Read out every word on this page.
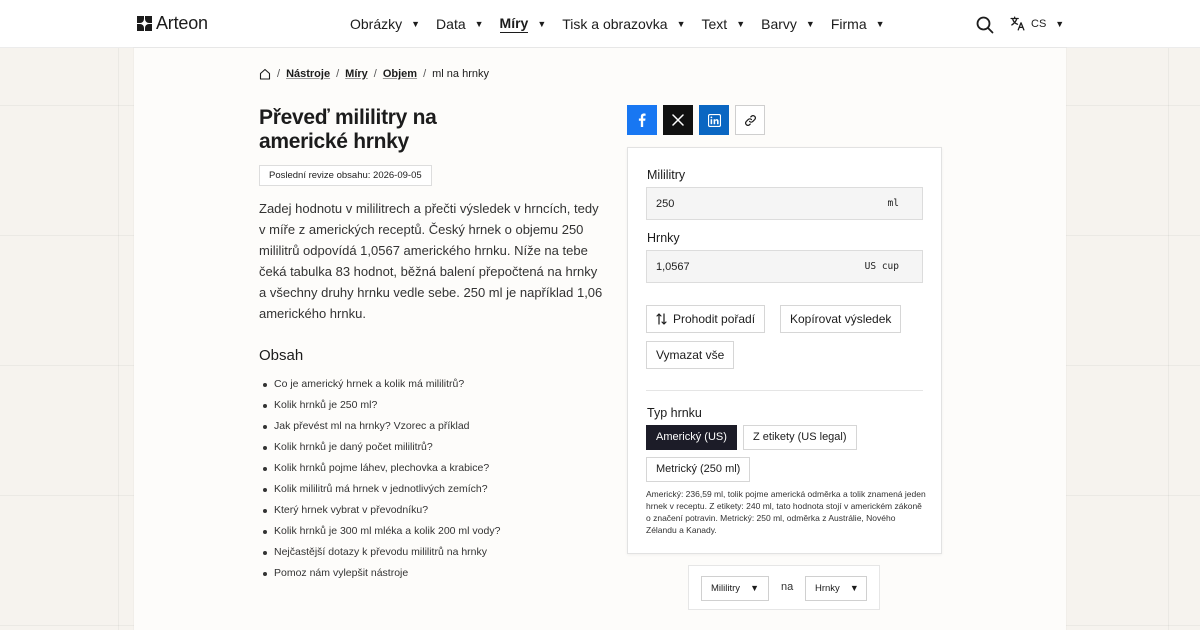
Arteon	Obrázky ▼ Data ▼ Míry ▼ Tisk a obrazovka ▼ Text ▼ Barvy ▼ Firma ▼	CS ▼
/ Nástroje / Míry / Objem / ml na hrnky
Převeď mililitry na americké hrnky
Poslední revize obsahu: 2026-09-05

Zadej hodnotu v mililitrech a přečti výsledek v hrncích, tedy v míře z amerických receptů. Český hrnek o objemu 250 mililitrů odpovídá 1,0567 amerického hrnku. Níže na tebe čeká tabulka 83 hodnot, běžná balení přepočtená na hrnky a všechny druhy hrnku vedle sebe. 250 ml je například 1,06 amerického hrnku.

Obsah
Co je americký hrnek a kolik má mililitrů?
Kolik hrnků je 250 ml?
Jak převést ml na hrnky? Vzorec a příklad
Kolik hrnků je daný počet mililitrů?
Kolik hrnků pojme láhev, plechovka a krabice?
Kolik mililitrů má hrnek v jednotlivých zemích?
Který hrnek vybrat v převodníku?
Kolik hrnků je 300 ml mléka a kolik 200 ml vody?
Nejčastější dotazy k převodu mililitrů na hrnky
Pomoz nám vylepšit nástroje
Mililitry
250
ml
Hrnky
1,0567
US cup
Prohodit pořadí	Kopírovat výsledek
Vymazat vše
Typ hrnku
Americký (US)	Z etikety (US legal)
Metrický (250 ml)

Americký: 236,59 ml, tolik pojme americká odměrka a tolik znamená jeden hrnek v receptu. Z etikety: 240 ml, tato hodnota stojí v americkém zákoně o značení potravin. Metrický: 250 ml, odměrka z Austrálie, Nového Zélandu a Kanady.

Mililitry ▼ na Hrnky ▼
